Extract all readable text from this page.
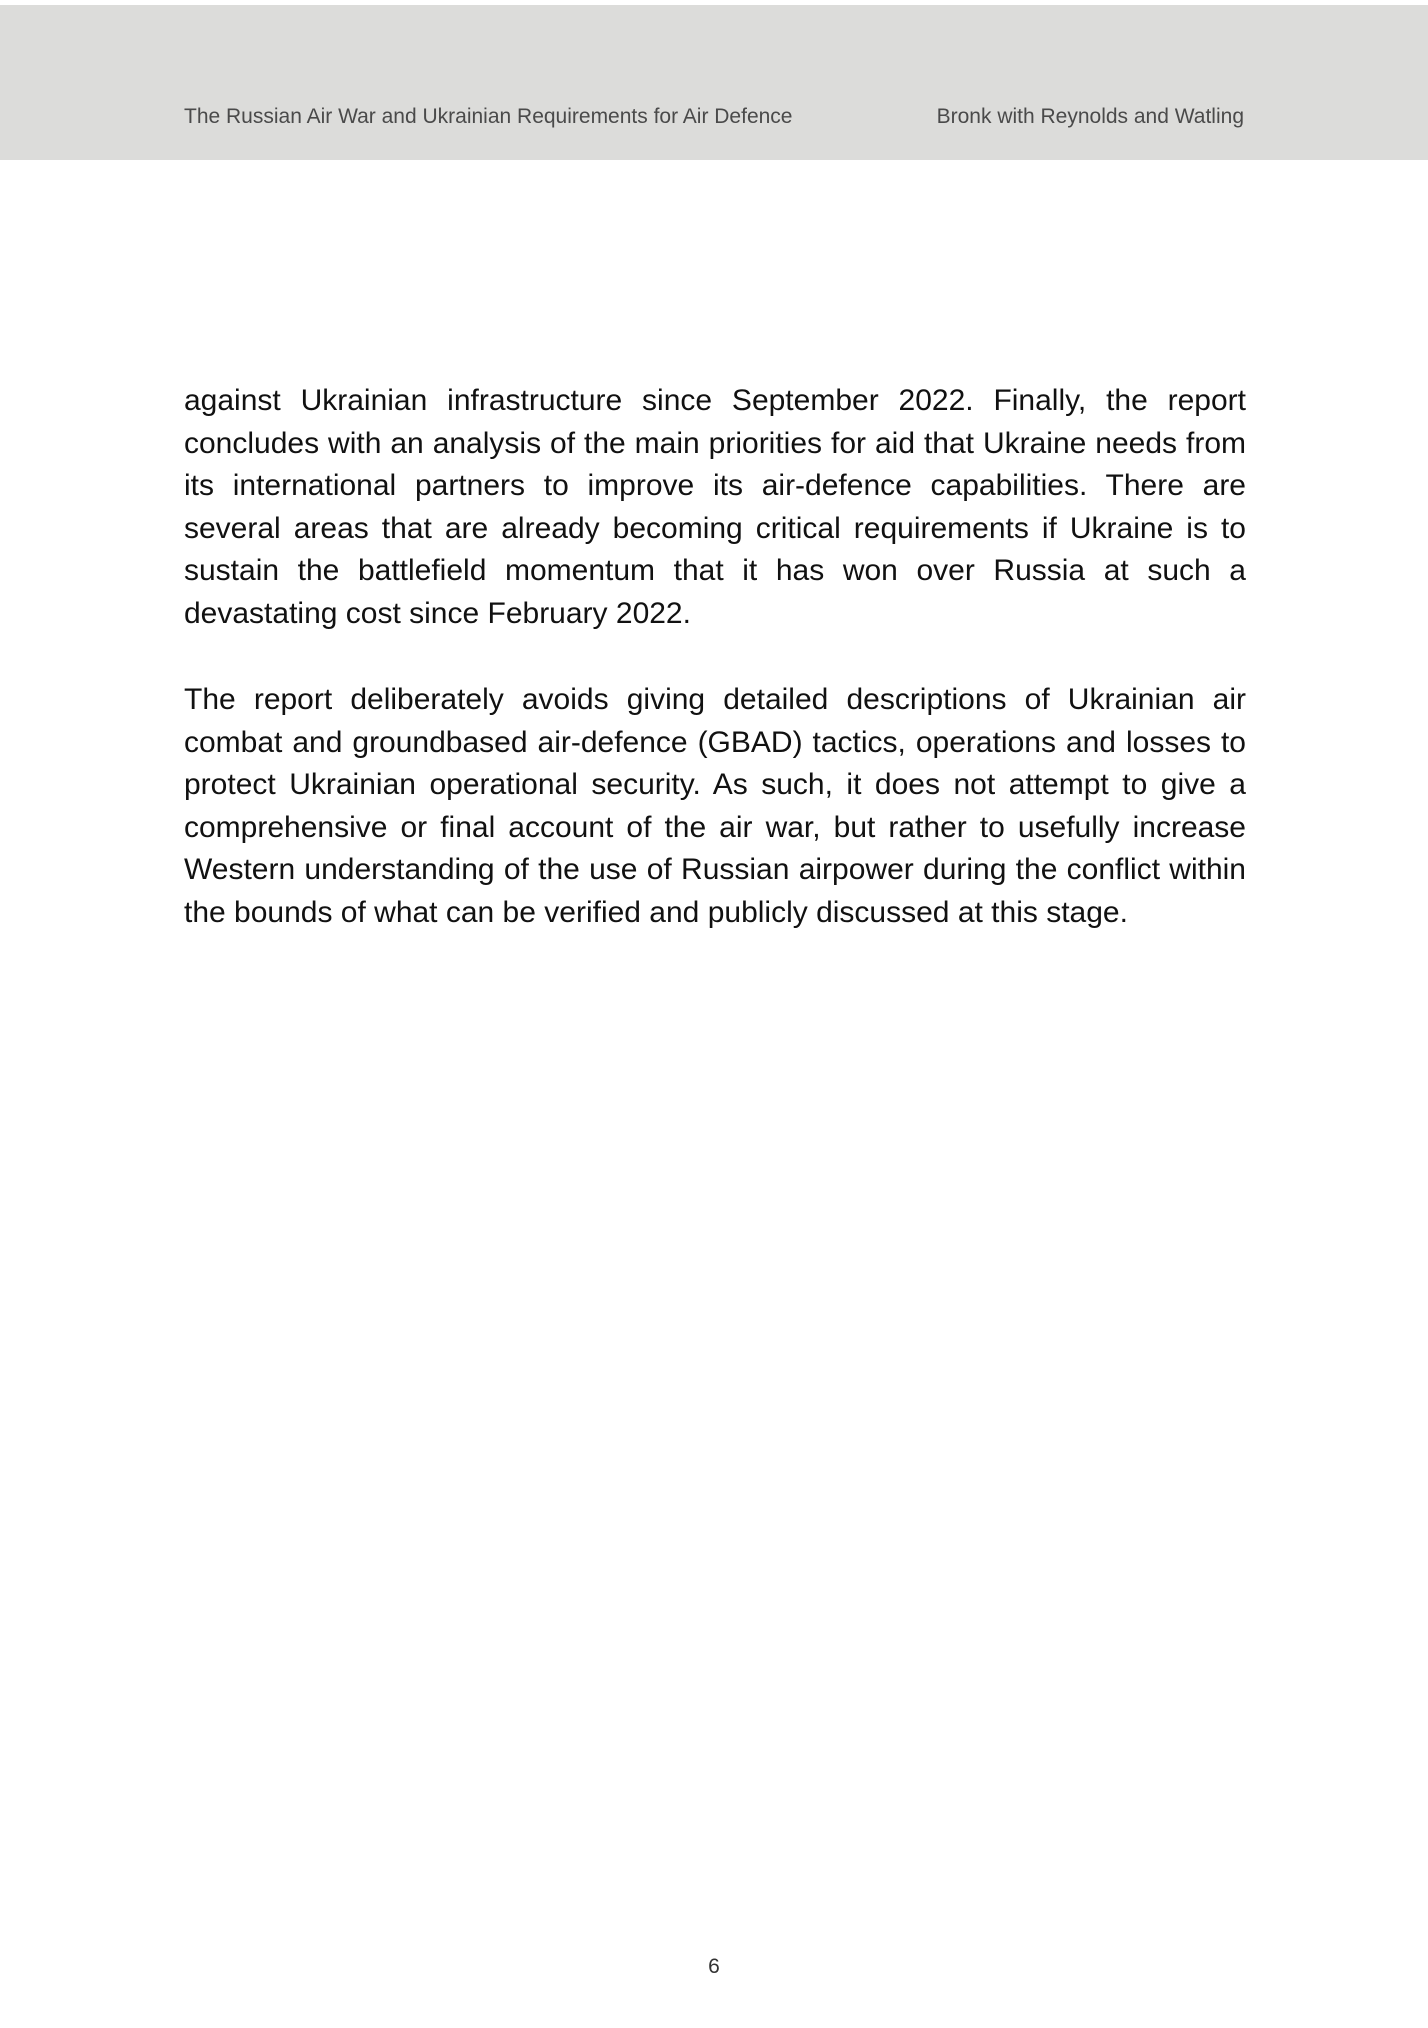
The Russian Air War and Ukrainian Requirements for Air Defence	Bronk with Reynolds and Watling

against Ukrainian infrastructure since September 2022. Finally, the report concludes with an analysis of the main priorities for aid that Ukraine needs from its international partners to improve its air-defence capabilities. There are several areas that are already becoming critical requirements if Ukraine is to sustain the battlefield momentum that it has won over Russia at such a devastating cost since February 2022.

The report deliberately avoids giving detailed descriptions of Ukrainian air combat and groundbased air-defence (GBAD) tactics, operations and losses to protect Ukrainian operational security. As such, it does not attempt to give a comprehensive or final account of the air war, but rather to usefully increase Western understanding of the use of Russian airpower during the conflict within the bounds of what can be verified and publicly discussed at this stage.

6
